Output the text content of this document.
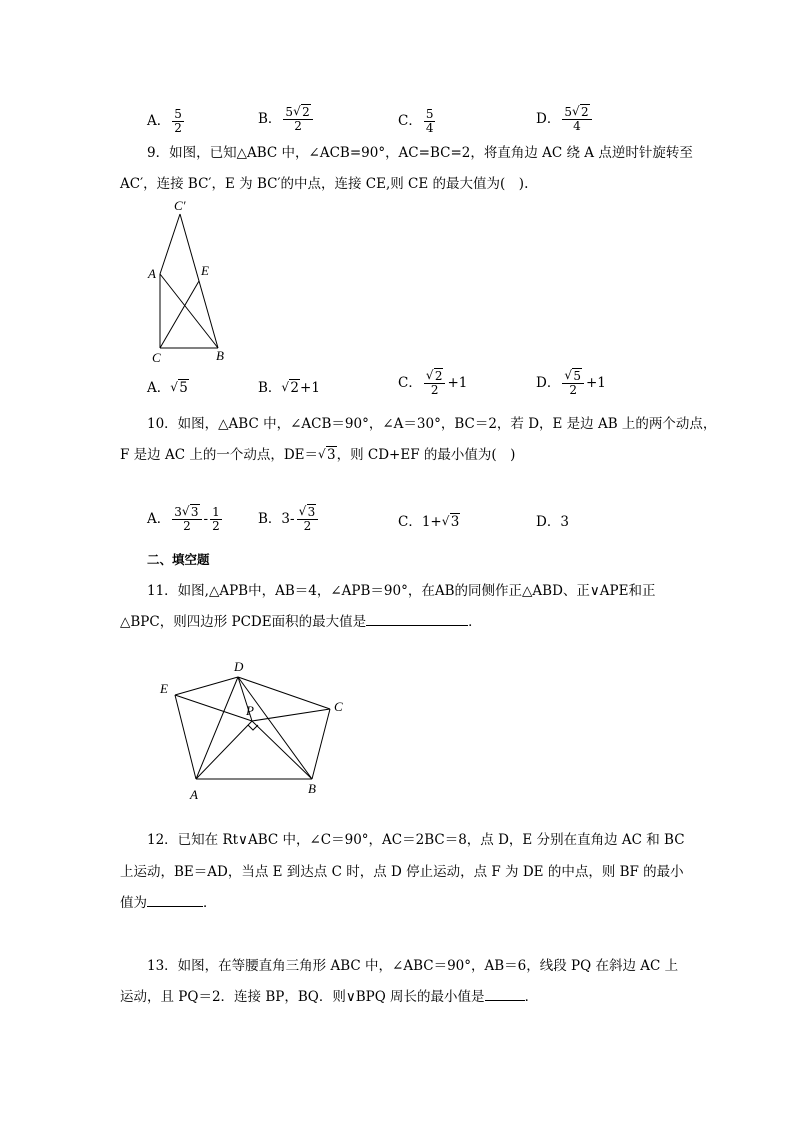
A． $\frac{5}{2}$	B． $\frac{5 √ 2}{2}$	C． $\frac{5}{4}$	D． $\frac{5 √ 2}{4}$
9．如图，已知△ABC 中，∠ACB=90°，AC=BC=2，将直角边 AC 绕 A 点逆时针旋转至
AC′，连接 BC′，E 为 BC′的中点，连接 CE,则 CE 的最大值为(　).
C′
A	E
C	B
A． √ 5	B． √ 2+1	C． √ $\frac{2}{2} +1$	D． √ $\frac{5}{2} +1$
10．如图，△ABC 中，∠ACB＝90°，∠A＝30°，BC＝2，若 D，E 是边 AB 上的两个动点，
F 是边 AC 上的一个动点，DE＝ √ 3，则 CD+EF 的最小值为(　)
A． $\frac{3 √ 3}{2} - \frac{1}{2}$	B．3- √ $\frac{3}{2}$	C．1+ √ 3	D．3
二、填空题
11．如图,△APB中，AB＝4，∠APB＝90°，在AB的同侧作正△ABD、正∨APE和正
△BPC，则四边形 PCDE面积的最大值是	．
D
E
P	C
A	B
12．已知在 Rt∨ABC 中，∠C＝90°，AC＝2BC＝8，点 D，E 分别在直角边 AC 和 BC
上运动，BE＝AD，当点 E 到达点 C 时，点 D 停止运动，点 F 为 DE 的中点，则 BF 的最小
值为	．
13．如图，在等腰直角三角形 ABC 中，∠ABC＝90°，AB＝6，线段 PQ 在斜边 AC 上
运动，且 PQ＝2．连接 BP，BQ．则∨BPQ 周长的最小值是	．
